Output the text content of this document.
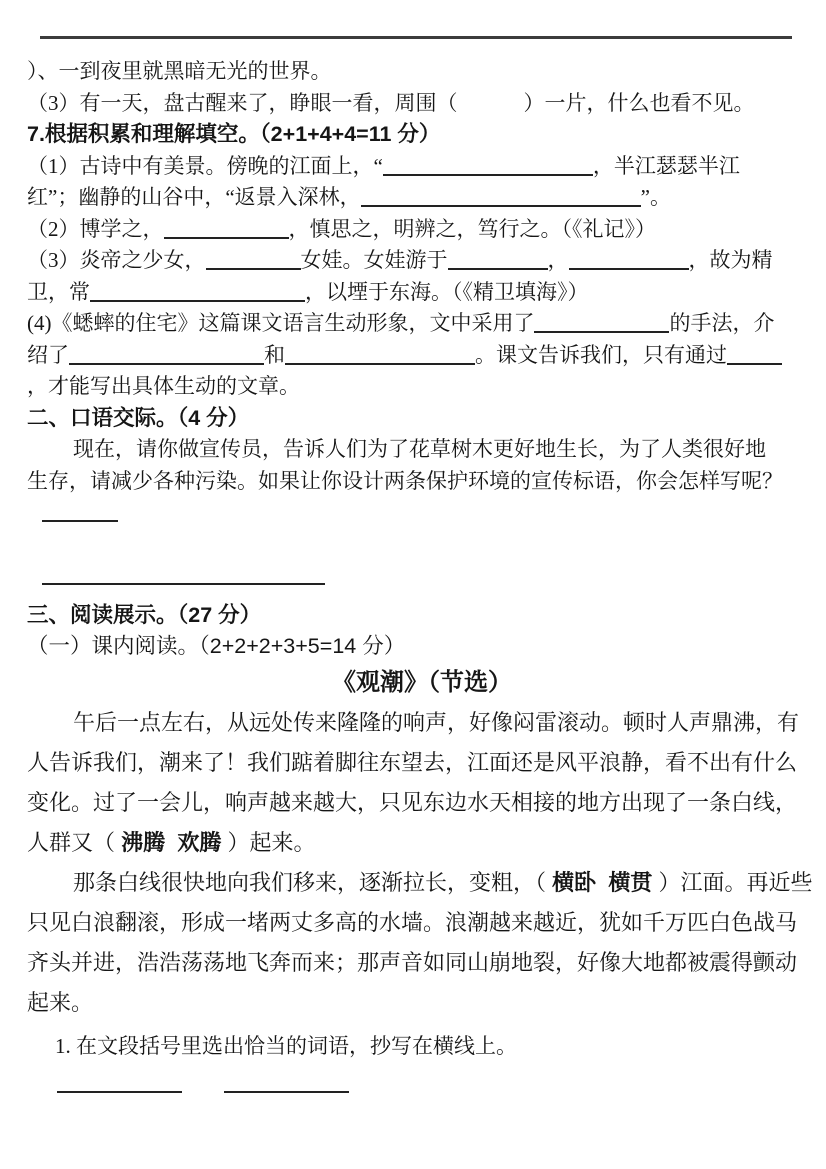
）、一到夜里就黑暗无光的世界。
（3）有一天，盘古醒来了，睁眼一看，周围（	）一片，什么也看不见。
7.根据积累和理解填空。（2+1+4+4=11 分）
（1）古诗中有美景。傍晚的江面上，“	，半江瑟瑟半江
红”；幽静的山谷中，“返景入深林，	”。
（2）博学之，	，慎思之，明辨之，笃行之。（《礼记》）
（3）炎帝之少女，	女娃。女娃游于	，	，故为精
卫，常	，以堙于东海。（《精卫填海》）
(4)《蟋蟀的住宅》这篇课文语言生动形象，文中采用了	的手法，介
绍了	和	。课文告诉我们，只有通过
，才能写出具体生动的文章。
二、口语交际。（4 分）
现在，请你做宣传员，告诉人们为了花草树木更好地生长，为了人类很好地
生存，请减少各种污染。如果让你设计两条保护环境的宣传标语，你会怎样写呢？
三、阅读展示。（27 分）
（一）课内阅读。（2+2+2+3+5=14 分）
《观潮》（节选）
午后一点左右，从远处传来隆隆的响声，好像闷雷滚动。顿时人声鼎沸，有
人告诉我们，潮来了！我们踮着脚往东望去，江面还是风平浪静，看不出有什么
变化。过了一会儿，响声越来越大，只见东边水天相接的地方出现了一条白线，
人群又（ 沸腾  欢腾 ）起来。
那条白线很快地向我们移来，逐渐拉长，变粗，（ 横卧  横贯 ）江面。再近些
只见白浪翻滚，形成一堵两丈多高的水墙。浪潮越来越近，犹如千万匹白色战马
齐头并进，浩浩荡荡地飞奔而来；那声音如同山崩地裂，好像大地都被震得颤动
起来。
1. 在文段括号里选出恰当的词语，抄写在横线上。
